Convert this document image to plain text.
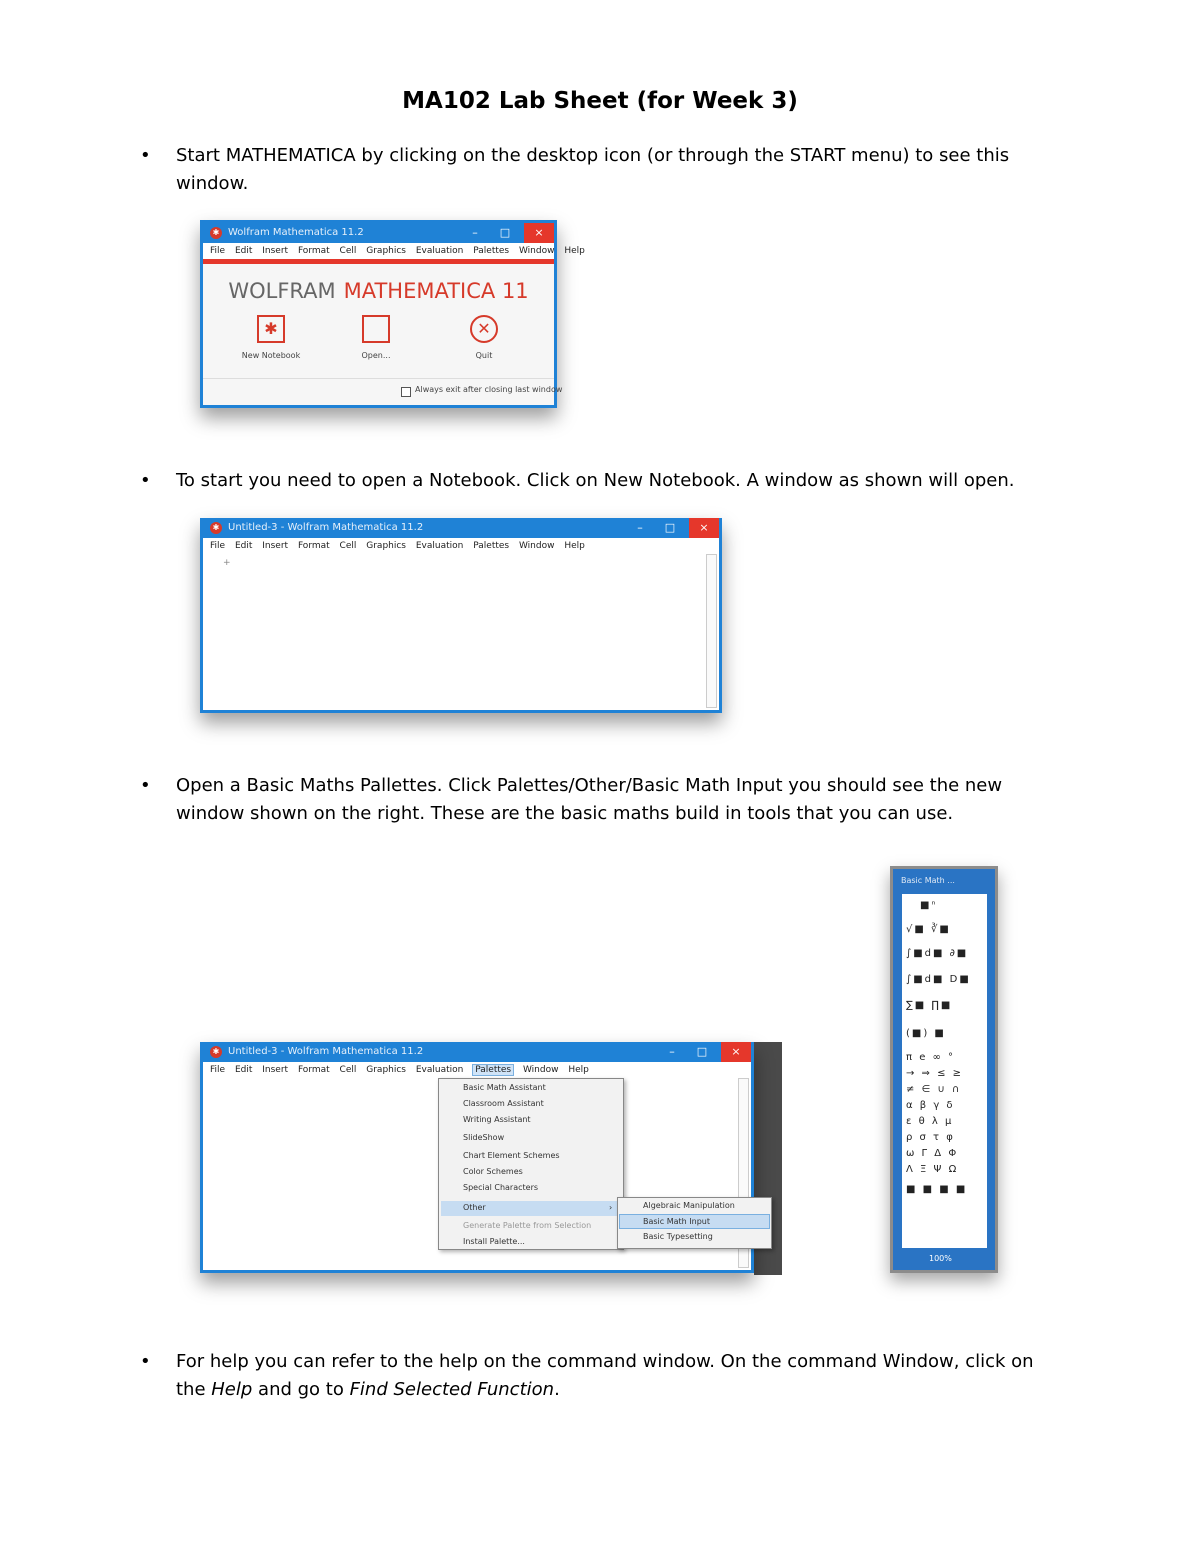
MA102 Lab Sheet (for Week 3)
•	Start MATHEMATICA by clicking on the desktop icon (or through the START menu) to see this window.
✱ Wolfram Mathematica 11.2	–	□	×
File Edit Insert Format Cell Graphics Evaluation Palettes Window Help
WOLFRAM MATHEMATICA 11
✱
New Notebook	Open...
✕
Quit
Always exit after closing last window
•	To start you need to open a Notebook. Click on New Notebook. A window as shown will open.
✱ Untitled-3 - Wolfram Mathematica 11.2	–	□	×
File Edit Insert Format Cell Graphics Evaluation Palettes Window Help
+
•	Open a Basic Maths Pallettes. Click Palettes/Other/Basic Math Input you should see the new window shown on the right. These are the basic maths build in tools that you can use.
✱ Untitled-3 - Wolfram Mathematica 11.2	–	□	×
File Edit Insert Format Cell Graphics Evaluation Palettes Window Help
Basic Math Assistant
Classroom Assistant
Writing Assistant
SlideShow
Chart Element Schemes
Color Schemes
Special Characters
Other	›
Generate Palette from Selection
Install Palette...
Algebraic Manipulation
Basic Math Input
Basic Typesetting
Basic Math ...
■ⁿ
√■ ∛■
∫■d■ ∂■
∫■d■ D■
∑■ ∏■
(■) ■
π e ∞ °
→ ⇒ ≤ ≥
≠ ∈ ∪ ∩
α β γ δ
ε θ λ μ
ρ σ τ φ
ω Γ Δ Φ
Λ Ξ Ψ Ω
■ ■ ■ ■
100%
•	For help you can refer to the help on the command window. On the command Window, click on the Help and go to Find Selected Function.
